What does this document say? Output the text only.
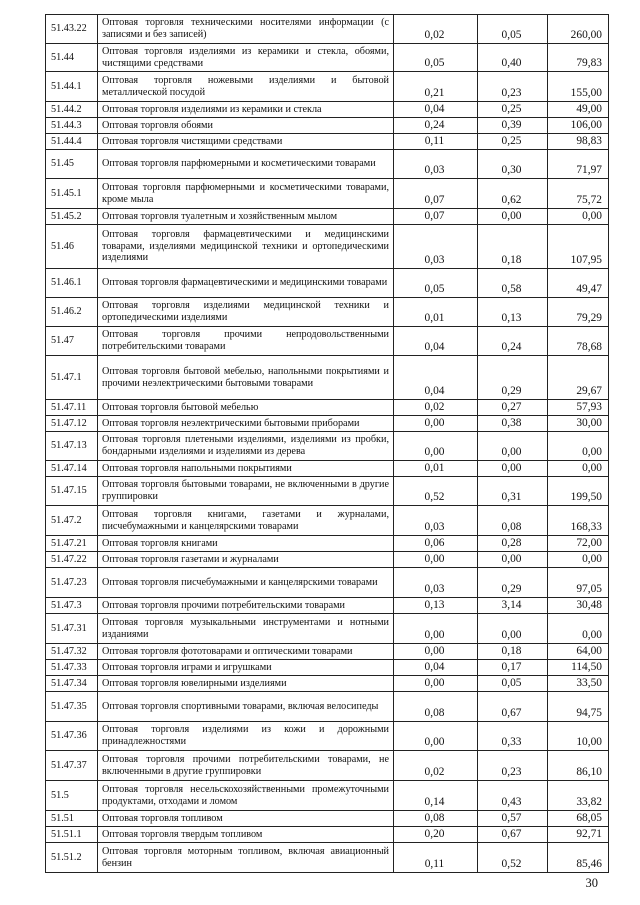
51.43.22	Оптовая торговля техническими носителями информации (с записями и без записей)	0,02	0,05	260,00
51.44	Оптовая торговля изделиями из керамики и стекла, обоями, чистящими средствами	0,05	0,40	79,83
51.44.1	Оптовая торговля ножевыми изделиями и бытовой металлической посудой	0,21	0,23	155,00
51.44.2	Оптовая торговля изделиями из керамики и стекла	0,04	0,25	49,00
51.44.3	Оптовая торговля обоями	0,24	0,39	106,00
51.44.4	Оптовая торговля чистящими средствами	0,11	0,25	98,83
51.45	Оптовая торговля парфюмерными и косметическими товарами	0,03	0,30	71,97
51.45.1	Оптовая торговля парфюмерными и косметическими товарами, кроме мыла	0,07	0,62	75,72
51.45.2	Оптовая торговля туалетным и хозяйственным мылом	0,07	0,00	0,00
51.46	Оптовая торговля фармацевтическими и медицинскими товарами, изделиями медицинской техники и ортопедическими изделиями	0,03	0,18	107,95
51.46.1	Оптовая торговля фармацевтическими и медицинскими товарами	0,05	0,58	49,47
51.46.2	Оптовая торговля изделиями медицинской техники и ортопедическими изделиями	0,01	0,13	79,29
51.47	Оптовая торговля прочими непродовольственными потребительскими товарами	0,04	0,24	78,68
51.47.1	Оптовая торговля бытовой мебелью, напольными покрытиями и прочими неэлектрическими бытовыми товарами	0,04	0,29	29,67
51.47.11	Оптовая торговля бытовой мебелью	0,02	0,27	57,93
51.47.12	Оптовая торговля неэлектрическими бытовыми приборами	0,00	0,38	30,00
51.47.13	Оптовая торговля плетеными изделиями, изделиями из пробки, бондарными изделиями и изделиями из дерева	0,00	0,00	0,00
51.47.14	Оптовая торговля напольными покрытиями	0,01	0,00	0,00
51.47.15	Оптовая торговля бытовыми товарами, не включенными в другие группировки	0,52	0,31	199,50
51.47.2	Оптовая торговля книгами, газетами и журналами, писчебумажными и канцелярскими товарами	0,03	0,08	168,33
51.47.21	Оптовая торговля книгами	0,06	0,28	72,00
51.47.22	Оптовая торговля газетами и журналами	0,00	0,00	0,00
51.47.23	Оптовая торговля писчебумажными и канцелярскими товарами	0,03	0,29	97,05
51.47.3	Оптовая торговля прочими потребительскими товарами	0,13	3,14	30,48
51.47.31	Оптовая торговля музыкальными инструментами и нотными изданиями	0,00	0,00	0,00
51.47.32	Оптовая торговля фототоварами и оптическими товарами	0,00	0,18	64,00
51.47.33	Оптовая торговля играми и игрушками	0,04	0,17	114,50
51.47.34	Оптовая торговля ювелирными изделиями	0,00	0,05	33,50
51.47.35	Оптовая торговля спортивными товарами, включая велосипеды	0,08	0,67	94,75
51.47.36	Оптовая торговля изделиями из кожи и дорожными принадлежностями	0,00	0,33	10,00
51.47.37	Оптовая торговля прочими потребительскими товарами, не включенными в другие группировки	0,02	0,23	86,10
51.5	Оптовая торговля несельскохозяйственными промежуточными продуктами, отходами и ломом	0,14	0,43	33,82
51.51	Оптовая торговля топливом	0,08	0,57	68,05
51.51.1	Оптовая торговля твердым топливом	0,20	0,67	92,71
51.51.2	Оптовая торговля моторным топливом, включая авиационный бензин	0,11	0,52	85,46
30
